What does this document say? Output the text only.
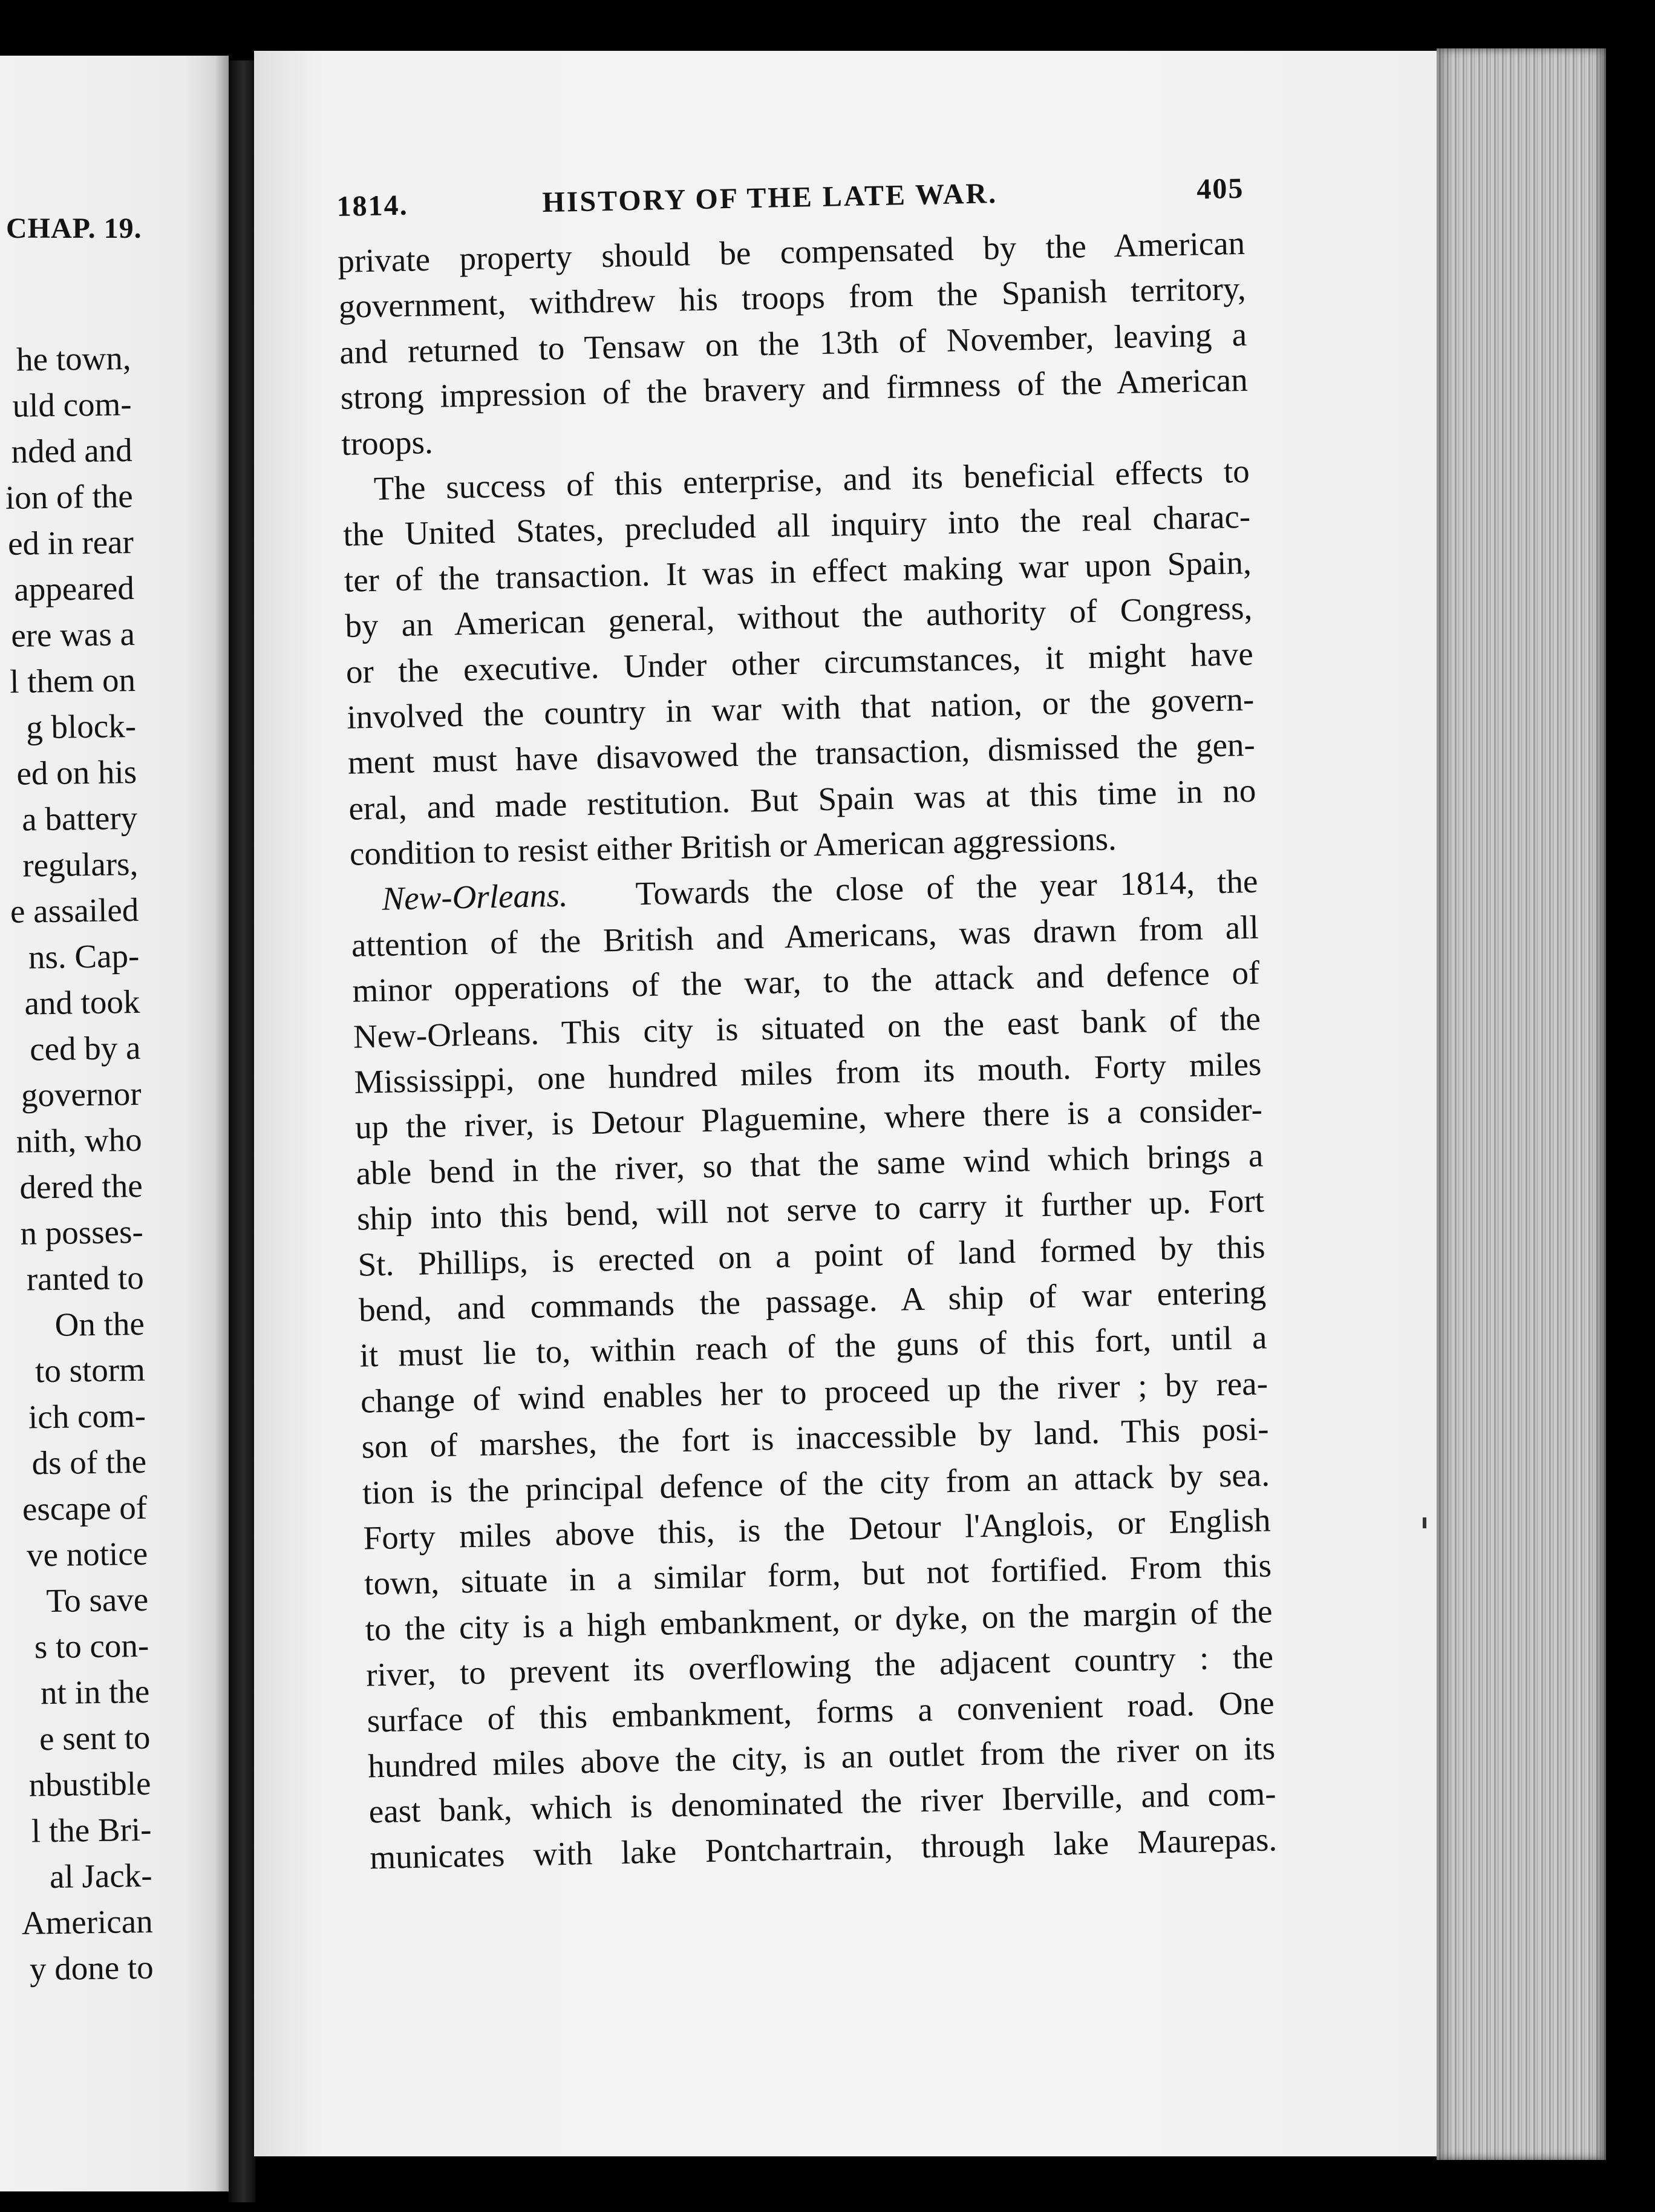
CHAP. 19.
he town,
uld com-
nded and
ion of the
ed in rear
appeared
ere was a
l them on
g block-
ed on his
a battery
regulars,
e assailed
ns. Cap-
and took
ced by a
governor
nith, who
dered the
n posses-
ranted to
On the
to storm
ich com-
ds of the
escape of
ve notice
To save
s to con-
nt in the
e sent to
nbustible
l the Bri-
al Jack-
American
y done to
1814.	HISTORY OF THE LATE WAR.	405
private property should be compensated by the American
government, withdrew his troops from the Spanish territory,
and returned to Tensaw on the 13th of November, leaving a
strong impression of the bravery and firmness of the American
troops.
The success of this enterprise, and its beneficial effects to
the United States, precluded all inquiry into the real charac-
ter of the transaction. It was in effect making war upon Spain,
by an American general, without the authority of Congress,
or the executive. Under other circumstances, it might have
involved the country in war with that nation, or the govern-
ment must have disavowed the transaction, dismissed the gen-
eral, and made restitution. But Spain was at this time in no
condition to resist either British or American aggressions.
New-Orleans. Towards the close of the year 1814, the
attention of the British and Americans, was drawn from all
minor opperations of the war, to the attack and defence of
New-Orleans. This city is situated on the east bank of the
Mississippi, one hundred miles from its mouth. Forty miles
up the river, is Detour Plaguemine, where there is a consider-
able bend in the river, so that the same wind which brings a
ship into this bend, will not serve to carry it further up. Fort
St. Phillips, is erected on a point of land formed by this
bend, and commands the passage. A ship of war entering
it must lie to, within reach of the guns of this fort, until a
change of wind enables her to proceed up the river ; by rea-
son of marshes, the fort is inaccessible by land. This posi-
tion is the principal defence of the city from an attack by sea.
Forty miles above this, is the Detour l'Anglois, or English
town, situate in a similar form, but not fortified. From this
to the city is a high embankment, or dyke, on the margin of the
river, to prevent its overflowing the adjacent country : the
surface of this embankment, forms a convenient road. One
hundred miles above the city, is an outlet from the river on its
east bank, which is denominated the river Iberville, and com-
municates with lake Pontchartrain, through lake Maurepas.
